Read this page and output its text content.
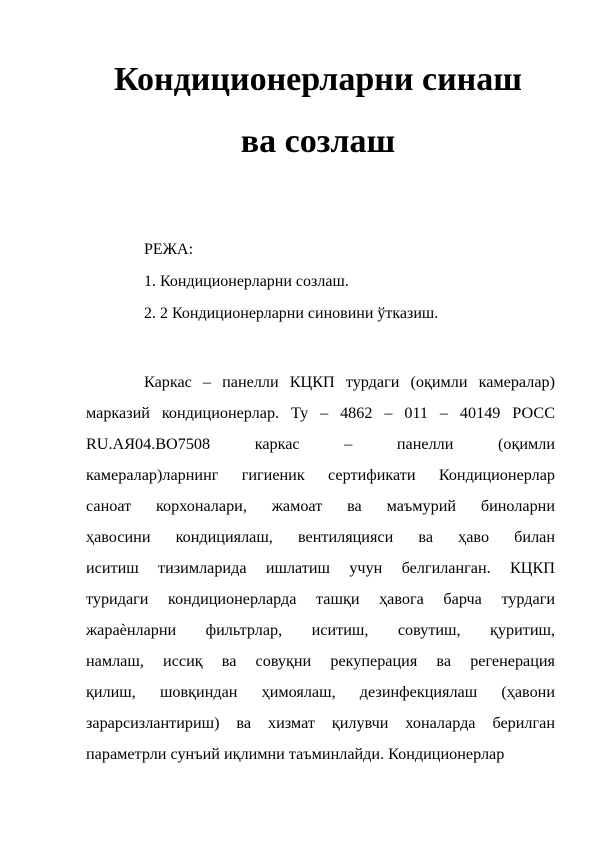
Кондиционерларни синаш
ва созлаш
РЕЖА:
1. Кондиционерларни созлаш.
2. 2 Кондиционерларни синовини ўтказиш.
Каркас – панелли КЦКП турдаги (оқимли камералар)
марказий кондиционерлар. Ту – 4862 – 011 – 40149 РОСС
RU.АЯ04.ВО7508 каркас – панелли (оқимли
камералар)ларнинг гигиеник сертификати Кондиционерлар
саноат корхоналари, жамоат ва маъмурий биноларни
ҳавосини кондициялаш, вентиляцияси ва ҳаво билан
иситиш тизимларида ишлатиш учун белгиланган. КЦКП
туридаги кондиционерларда ташқи ҳавога барча турдаги
жараѐнларни фильтрлар, иситиш, совутиш, қуритиш,
намлаш, иссиқ ва совуқни рекуперация ва регенерация
қилиш, шовқиндан ҳимоялаш, дезинфекциялаш (ҳавони
зарарсизлантириш) ва хизмат қилувчи хоналарда берилган
параметрли сунъий иқлимни таъминлайди. Кондиционерлар
